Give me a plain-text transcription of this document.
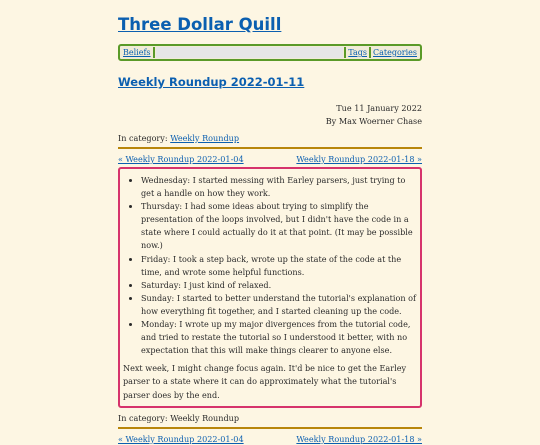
Three Dollar Quill
Beliefs	Tags Categories
Weekly Roundup 2022-01-11
Tue 11 January 2022
By Max Woerner Chase
In category: Weekly Roundup
« Weekly Roundup 2022-01-04	Weekly Roundup 2022-01-18 »
• Wednesday: I started messing with Earley parsers, just trying to get a handle on how they work.
• Thursday: I had some ideas about trying to simplify the presentation of the loops involved, but I didn't have the code in a state where I could actually do it at that point. (It may be possible now.)
• Friday: I took a step back, wrote up the state of the code at the time, and wrote some helpful functions.
• Saturday: I just kind of relaxed.
• Sunday: I started to better understand the tutorial's explanation of how everything fit together, and I started cleaning up the code.
• Monday: I wrote up my major divergences from the tutorial code, and tried to restate the tutorial so I understood it better, with no expectation that this will make things clearer to anyone else.

Next week, I might change focus again. It'd be nice to get the Earley parser to a state where it can do approximately what the tutorial's parser does by the end.

In category: Weekly Roundup
« Weekly Roundup 2022-01-04	Weekly Roundup 2022-01-18 »
